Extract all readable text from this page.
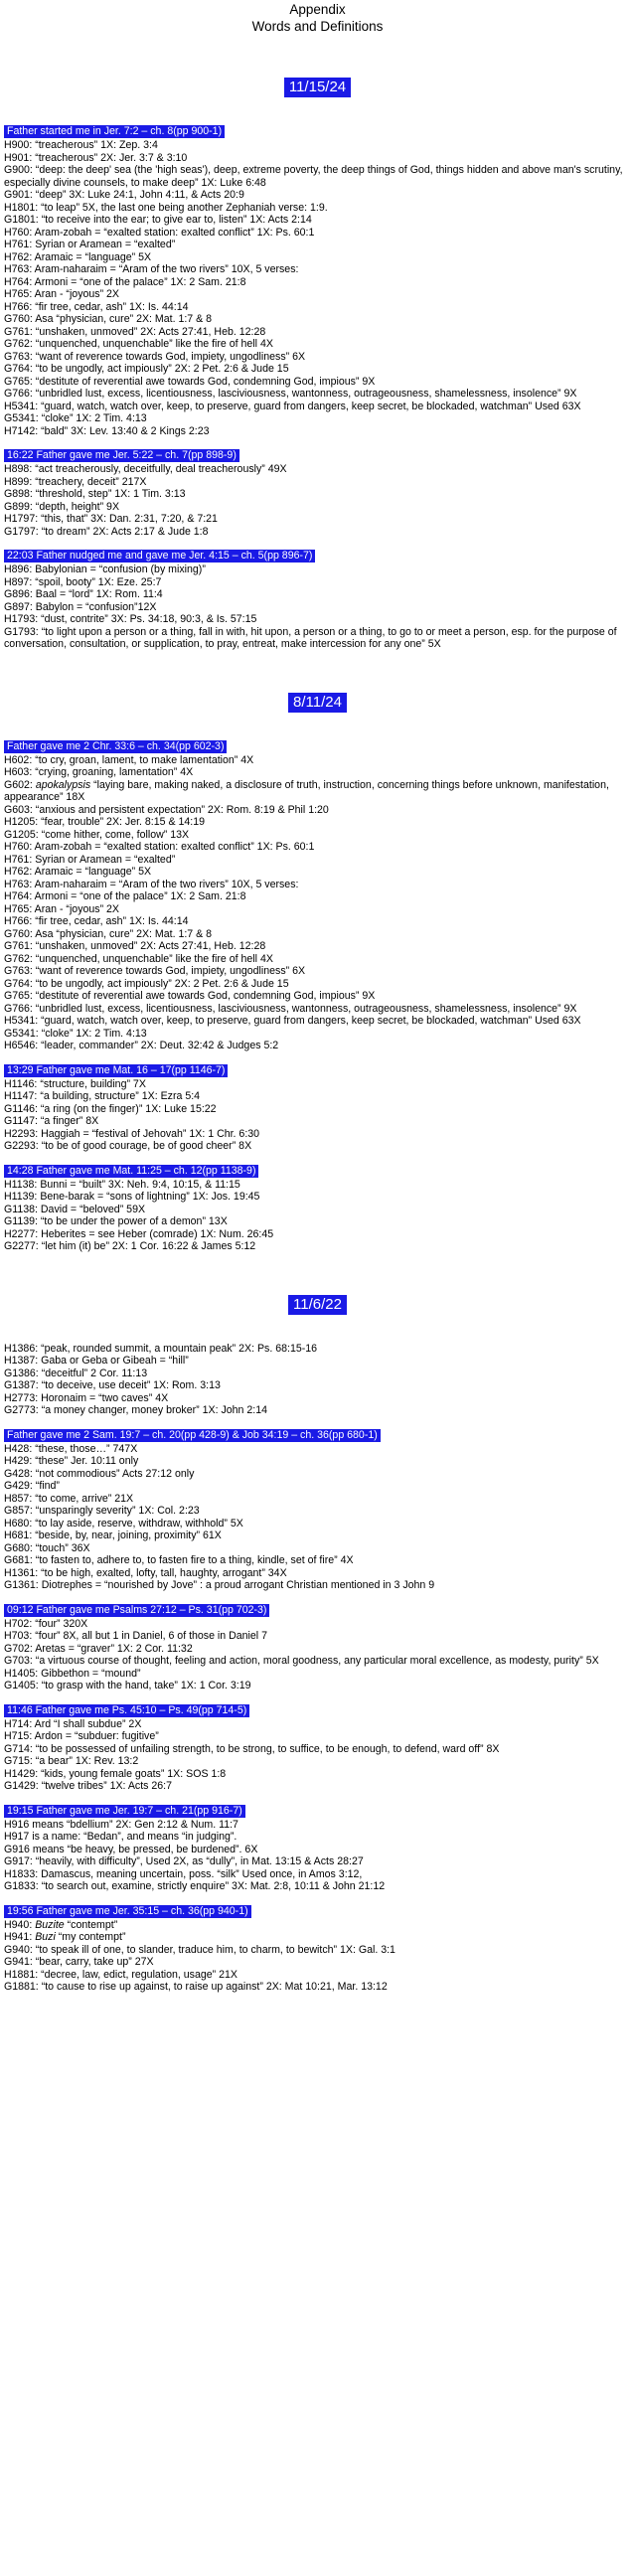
Appendix
Words and Definitions
11/15/24
Father started me in Jer. 7:2 – ch. 8(pp 900-1)
H900: “treacherous” 1X: Zep. 3:4
H901: “treacherous” 2X: Jer. 3:7 & 3:10
G900: “deep: the deep' sea (the 'high seas'), deep, extreme poverty, the deep things of God, things hidden and above man's scrutiny, especially divine counsels, to make deep” 1X: Luke 6:48
G901: “deep” 3X: Luke 24:1, John 4:11, & Acts 20:9
H1801: “to leap” 5X, the last one being another Zephaniah verse: 1:9.
G1801: “to receive into the ear; to give ear to, listen” 1X: Acts 2:14
H760: Aram-zobah = “exalted station: exalted conflict” 1X: Ps. 60:1
H761: Syrian or Aramean = “exalted”
H762: Aramaic = “language” 5X
H763: Aram-naharaim = “Aram of the two rivers” 10X, 5 verses:
H764: Armoni = “one of the palace” 1X: 2 Sam. 21:8
H765: Aran - “joyous” 2X
H766: “fir tree, cedar, ash” 1X: Is. 44:14
G760: Asa “physician, cure” 2X: Mat. 1:7 & 8
G761: “unshaken, unmoved” 2X: Acts 27:41, Heb. 12:28
G762: “unquenched, unquenchable” like the fire of hell 4X
G763: “want of reverence towards God, impiety, ungodliness” 6X
G764: “to be ungodly, act impiously” 2X: 2 Pet. 2:6 & Jude 15
G765: “destitute of reverential awe towards God, condemning God, impious” 9X
G766: “unbridled lust, excess, licentiousness, lasciviousness, wantonness, outrageousness, shamelessness, insolence” 9X
H5341: “guard, watch, watch over, keep, to preserve, guard from dangers, keep secret, be blockaded, watchman” Used 63X
G5341: “cloke” 1X: 2 Tim. 4:13
H7142: “bald” 3X: Lev. 13:40 & 2 Kings 2:23
16:22 Father gave me Jer. 5:22 – ch. 7(pp 898-9)
H898: “act treacherously, deceitfully, deal treacherously” 49X
H899: “treachery, deceit” 217X
G898: “threshold, step” 1X: 1 Tim. 3:13
G899: “depth, height” 9X
H1797: “this, that” 3X: Dan. 2:31, 7:20, & 7:21
G1797: “to dream” 2X: Acts 2:17 & Jude 1:8
22:03 Father nudged me and gave me Jer. 4:15 – ch. 5(pp 896-7)
H896: Babylonian = “confusion (by mixing)”
H897: “spoil, booty” 1X: Eze. 25:7
G896: Baal = “lord” 1X: Rom. 11:4
G897: Babylon = “confusion”12X
H1793: “dust, contrite” 3X: Ps. 34:18, 90:3, & Is. 57:15
G1793: “to light upon a person or a thing, fall in with, hit upon, a person or a thing, to go to or meet a person, esp. for the purpose of conversation, consultation, or supplication, to pray, entreat, make intercession for any one” 5X
8/11/24
Father gave me 2 Chr. 33:6 – ch. 34(pp 602-3)
H602: “to cry, groan, lament, to make lamentation” 4X
H603: “crying, groaning, lamentation” 4X
G602: apokalypsis “laying bare, making naked, a disclosure of truth, instruction, concerning things before unknown, manifestation, appearance” 18X
G603: “anxious and persistent expectation” 2X: Rom. 8:19 & Phil 1:20
H1205: “fear, trouble” 2X: Jer. 8:15 & 14:19
G1205: “come hither, come, follow” 13X
H760: Aram-zobah = “exalted station: exalted conflict” 1X: Ps. 60:1
H761: Syrian or Aramean = “exalted”
H762: Aramaic = “language” 5X
H763: Aram-naharaim = “Aram of the two rivers” 10X, 5 verses:
H764: Armoni = “one of the palace” 1X: 2 Sam. 21:8
H765: Aran - “joyous” 2X
H766: “fir tree, cedar, ash” 1X: Is. 44:14
G760: Asa “physician, cure” 2X: Mat. 1:7 & 8
G761: “unshaken, unmoved” 2X: Acts 27:41, Heb. 12:28
G762: “unquenched, unquenchable” like the fire of hell 4X
G763: “want of reverence towards God, impiety, ungodliness” 6X
G764: “to be ungodly, act impiously” 2X: 2 Pet. 2:6 & Jude 15
G765: “destitute of reverential awe towards God, condemning God, impious” 9X
G766: “unbridled lust, excess, licentiousness, lasciviousness, wantonness, outrageousness, shamelessness, insolence” 9X
H5341: “guard, watch, watch over, keep, to preserve, guard from dangers, keep secret, be blockaded, watchman” Used 63X
G5341: “cloke” 1X: 2 Tim. 4:13
H6546: “leader, commander” 2X: Deut. 32:42 & Judges 5:2
13:29 Father gave me Mat. 16 – 17(pp 1146-7)
H1146: “structure, building” 7X
H1147: “a building, structure” 1X: Ezra 5:4
G1146: “a ring (on the finger)” 1X: Luke 15:22
G1147: “a finger” 8X
H2293: Haggiah = “festival of Jehovah” 1X: 1 Chr. 6:30
G2293: “to be of good courage, be of good cheer” 8X
14:28 Father gave me Mat. 11:25 – ch. 12(pp 1138-9)
H1138: Bunni = “built” 3X: Neh. 9:4, 10:15, & 11:15
H1139: Bene-barak = “sons of lightning” 1X: Jos. 19:45
G1138: David = “beloved” 59X
G1139: “to be under the power of a demon” 13X
H2277: Heberites = see Heber (comrade) 1X: Num. 26:45
G2277: “let him (it) be” 2X: 1 Cor. 16:22 & James 5:12
11/6/22
H1386: “peak, rounded summit, a mountain peak” 2X: Ps. 68:15-16
H1387: Gaba or Geba or Gibeah = “hill”
G1386: “deceitful” 2 Cor. 11:13
G1387: “to deceive, use deceit” 1X: Rom. 3:13
H2773: Horonaim = “two caves” 4X
G2773: “a money changer, money broker” 1X: John 2:14
Father gave me 2 Sam. 19:7 – ch. 20(pp 428-9) & Job 34:19 – ch. 36(pp 680-1)
H428: “these, those…” 747X
H429: “these” Jer. 10:11 only
G428: “not commodious” Acts 27:12 only
G429: “find”
H857: “to come, arrive” 21X
G857: “unsparingly severity” 1X: Col. 2:23
H680: “to lay aside, reserve, withdraw, withhold” 5X
H681: “beside, by, near, joining, proximity” 61X
G680: “touch” 36X
G681: “to fasten to, adhere to, to fasten fire to a thing, kindle, set of fire” 4X
H1361: “to be high, exalted, lofty, tall, haughty, arrogant” 34X
G1361: Diotrephes = “nourished by Jove” : a proud arrogant Christian mentioned in 3 John 9
09:12 Father gave me Psalms 27:12 – Ps. 31(pp 702-3)
H702: “four” 320X
H703: “four” 8X, all but 1 in Daniel, 6 of those in Daniel 7
G702: Aretas = “graver” 1X: 2 Cor. 11:32
G703: “a virtuous course of thought, feeling and action, moral goodness, any particular moral excellence, as modesty, purity” 5X
H1405: Gibbethon = “mound”
G1405: “to grasp with the hand, take” 1X: 1 Cor. 3:19
11:46 Father gave me Ps. 45:10 – Ps. 49(pp 714-5)
H714: Ard “I shall subdue” 2X
H715: Ardon = “subduer: fugitive”
G714: “to be possessed of unfailing strength, to be strong, to suffice, to be enough, to defend, ward off” 8X
G715: “a bear” 1X: Rev. 13:2
H1429: “kids, young female goats” 1X: SOS 1:8
G1429: “twelve tribes” 1X: Acts 26:7
19:15 Father gave me Jer. 19:7 – ch. 21(pp 916-7)
H916 means “bdellium” 2X: Gen 2:12 & Num. 11:7
H917 is a name: “Bedan”, and means “in judging”.
G916 means “be heavy, be pressed, be burdened”. 6X
G917: “heavily, with difficulty”, Used 2X, as “dully”, in Mat. 13:15 & Acts 28:27
H1833: Damascus, meaning uncertain, poss. “silk” Used once, in Amos 3:12,
G1833: “to search out, examine, strictly enquire” 3X: Mat. 2:8, 10:11 & John 21:12
19:56 Father gave me Jer. 35:15 – ch. 36(pp 940-1)
H940: Buzite “contempt”
H941: Buzi “my contempt”
G940: “to speak ill of one, to slander, traduce him, to charm, to bewitch” 1X: Gal. 3:1
G941: “bear, carry, take up” 27X
H1881: “decree, law, edict, regulation, usage” 21X
G1881: “to cause to rise up against, to raise up against” 2X: Mat 10:21, Mar. 13:12
